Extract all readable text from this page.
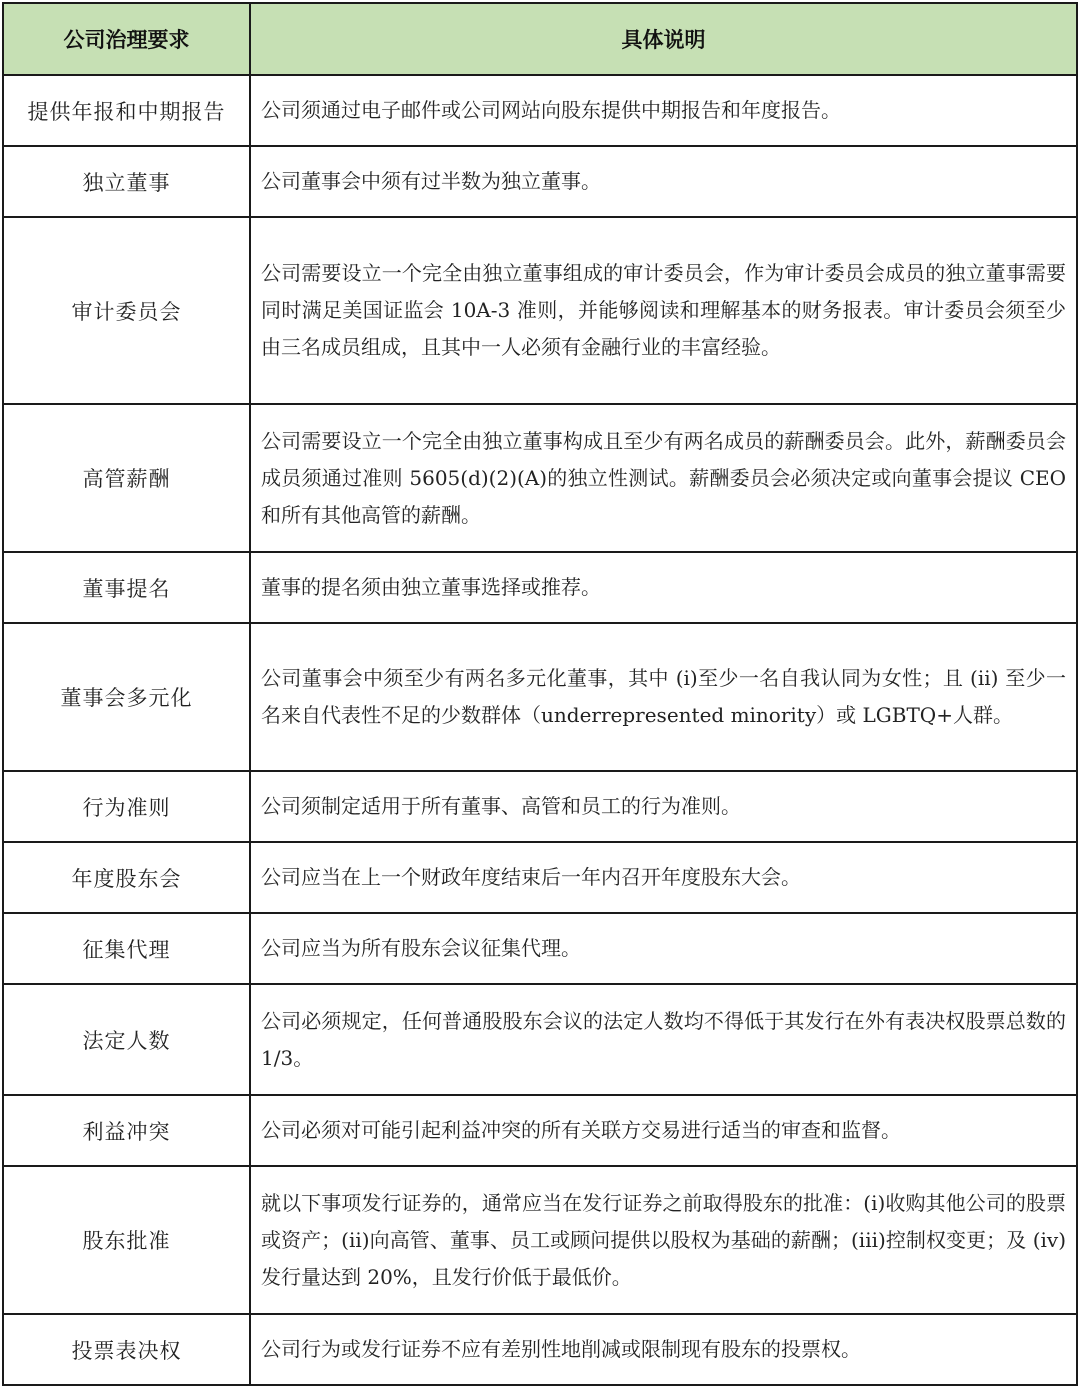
公司治理要求	具体说明
提供年报和中期报告	公司须通过电子邮件或公司网站向股东提供中期报告和年度报告。
独立董事	公司董事会中须有过半数为独立董事。
审计委员会	公司需要设立一个完全由独立董事组成的审计委员会，作为审计委员会成员的独立董事需要同时满足美国证监会 10A-3 准则，并能够阅读和理解基本的财务报表。审计委员会须至少由三名成员组成，且其中一人必须有金融行业的丰富经验。
高管薪酬	公司需要设立一个完全由独立董事构成且至少有两名成员的薪酬委员会。此外，薪酬委员会成员须通过准则 5605(d)(2)(A)的独立性测试。薪酬委员会必须决定或向董事会提议 CEO 和所有其他高管的薪酬。
董事提名	董事的提名须由独立董事选择或推荐。
董事会多元化	公司董事会中须至少有两名多元化董事，其中 (i)至少一名自我认同为女性；且 (ii) 至少一名来自代表性不足的少数群体（underrepresented minority）或 LGBTQ+人群。
行为准则	公司须制定适用于所有董事、高管和员工的行为准则。
年度股东会	公司应当在上一个财政年度结束后一年内召开年度股东大会。
征集代理	公司应当为所有股东会议征集代理。
法定人数	公司必须规定，任何普通股股东会议的法定人数均不得低于其发行在外有表决权股票总数的 1/3。
利益冲突	公司必须对可能引起利益冲突的所有关联方交易进行适当的审查和监督。
股东批准	就以下事项发行证券的，通常应当在发行证券之前取得股东的批准：(i)收购其他公司的股票或资产；(ii)向高管、董事、员工或顾问提供以股权为基础的薪酬；(iii)控制权变更；及 (iv) 发行量达到 20%，且发行价低于最低价。
投票表决权	公司行为或发行证券不应有差别性地削减或限制现有股东的投票权。
